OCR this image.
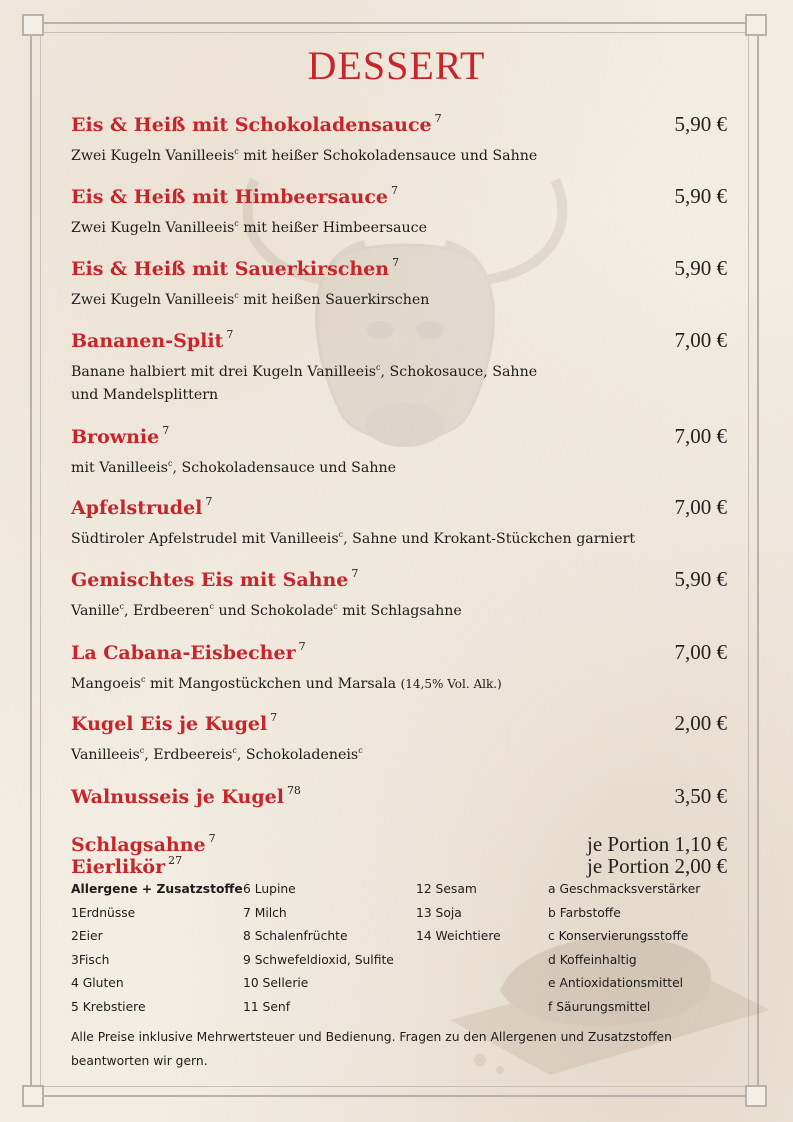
DESSERT
Eis & Heiß mit Schokoladensauce $^7$	5,90 €
Zwei Kugeln Vanilleeis$^c$ mit heißer Schokoladensauce und Sahne
Eis & Heiß mit Himbeersauce $^7$	5,90 €
Zwei Kugeln Vanilleeis$^c$ mit heißer Himbeersauce
Eis & Heiß mit Sauerkirschen $^7$	5,90 €
Zwei Kugeln Vanilleeis$^c$ mit heißen Sauerkirschen
Bananen-Split $^7$	7,00 €
Banane halbiert mit drei Kugeln Vanilleeis$^c$, Schokosauce, Sahne
und Mandelsplittern
Brownie $^7$	7,00 €
mit Vanilleeis$^c$, Schokoladensauce und Sahne
Apfelstrudel $^7$	7,00 €
Südtiroler Apfelstrudel mit Vanilleeis$^c$, Sahne und Krokant-Stückchen garniert
Gemischtes Eis mit Sahne $^7$	5,90 €
Vanille$^c$, Erdbeeren$^c$ und Schokolade$^c$ mit Schlagsahne
La Cabana-Eisbecher $^7$	7,00 €
Mangoeis$^c$ mit Mangostückchen und Marsala (14,5% Vol. Alk.)
Kugel Eis je Kugel $^7$	2,00 €
Vanilleeis$^c$, Erdbeereis$^c$, Schokoladeneis$^c$
Walnusseis je Kugel $^{78}$	3,50 €
Schlagsahne $^7$	je Portion 1,10 €
Eierlikör $^{27}$	je Portion 2,00 €
Allergene + Zusatzstoffe
1Erdnüsse
2Eier
3Fisch
4 Gluten
5 Krebstiere
6 Lupine
7 Milch
8 Schalenfrüchte
9 Schwefeldioxid, Sulfite
10 Sellerie
11 Senf
12 Sesam
13 Soja
14 Weichtiere
a Geschmacksverstärker
b Farbstoffe
c Konservierungsstoffe
d Koffeinhaltig
e Antioxidationsmittel
f Säurungsmittel
Alle Preise inklusive Mehrwertsteuer und Bedienung. Fragen zu den Allergenen und Zusatzstoffen
beantworten wir gern.
